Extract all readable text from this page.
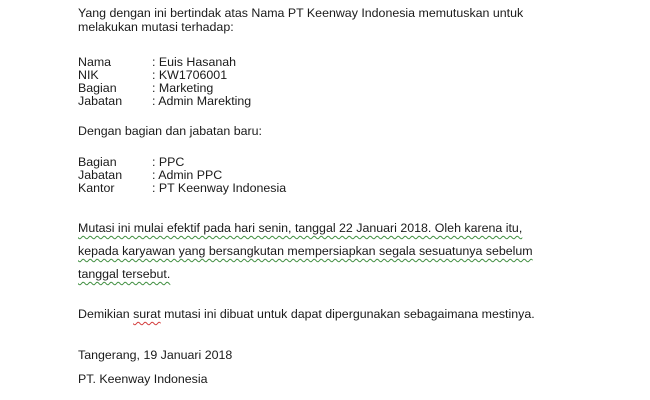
Yang dengan ini bertindak atas Nama PT Keenway Indonesia memutuskan untuk
melakukan mutasi terhadap:
Nama	: Euis Hasanah
NIK	: KW1706001
Bagian	: Marketing
Jabatan : Admin Marekting
Dengan bagian dan jabatan baru:
Bagian	: PPC
Jabatan : Admin PPC
Kantor	: PT Keenway Indonesia
Mutasi ini mulai efektif pada hari senin, tanggal 22 Januari 2018. Oleh karena itu,
kepada karyawan yang bersangkutan mempersiapkan segala sesuatunya sebelum
tanggal tersebut.
Demikian surat mutasi ini dibuat untuk dapat dipergunakan sebagaimana mestinya.
Tangerang, 19 Januari 2018
PT. Keenway Indonesia
